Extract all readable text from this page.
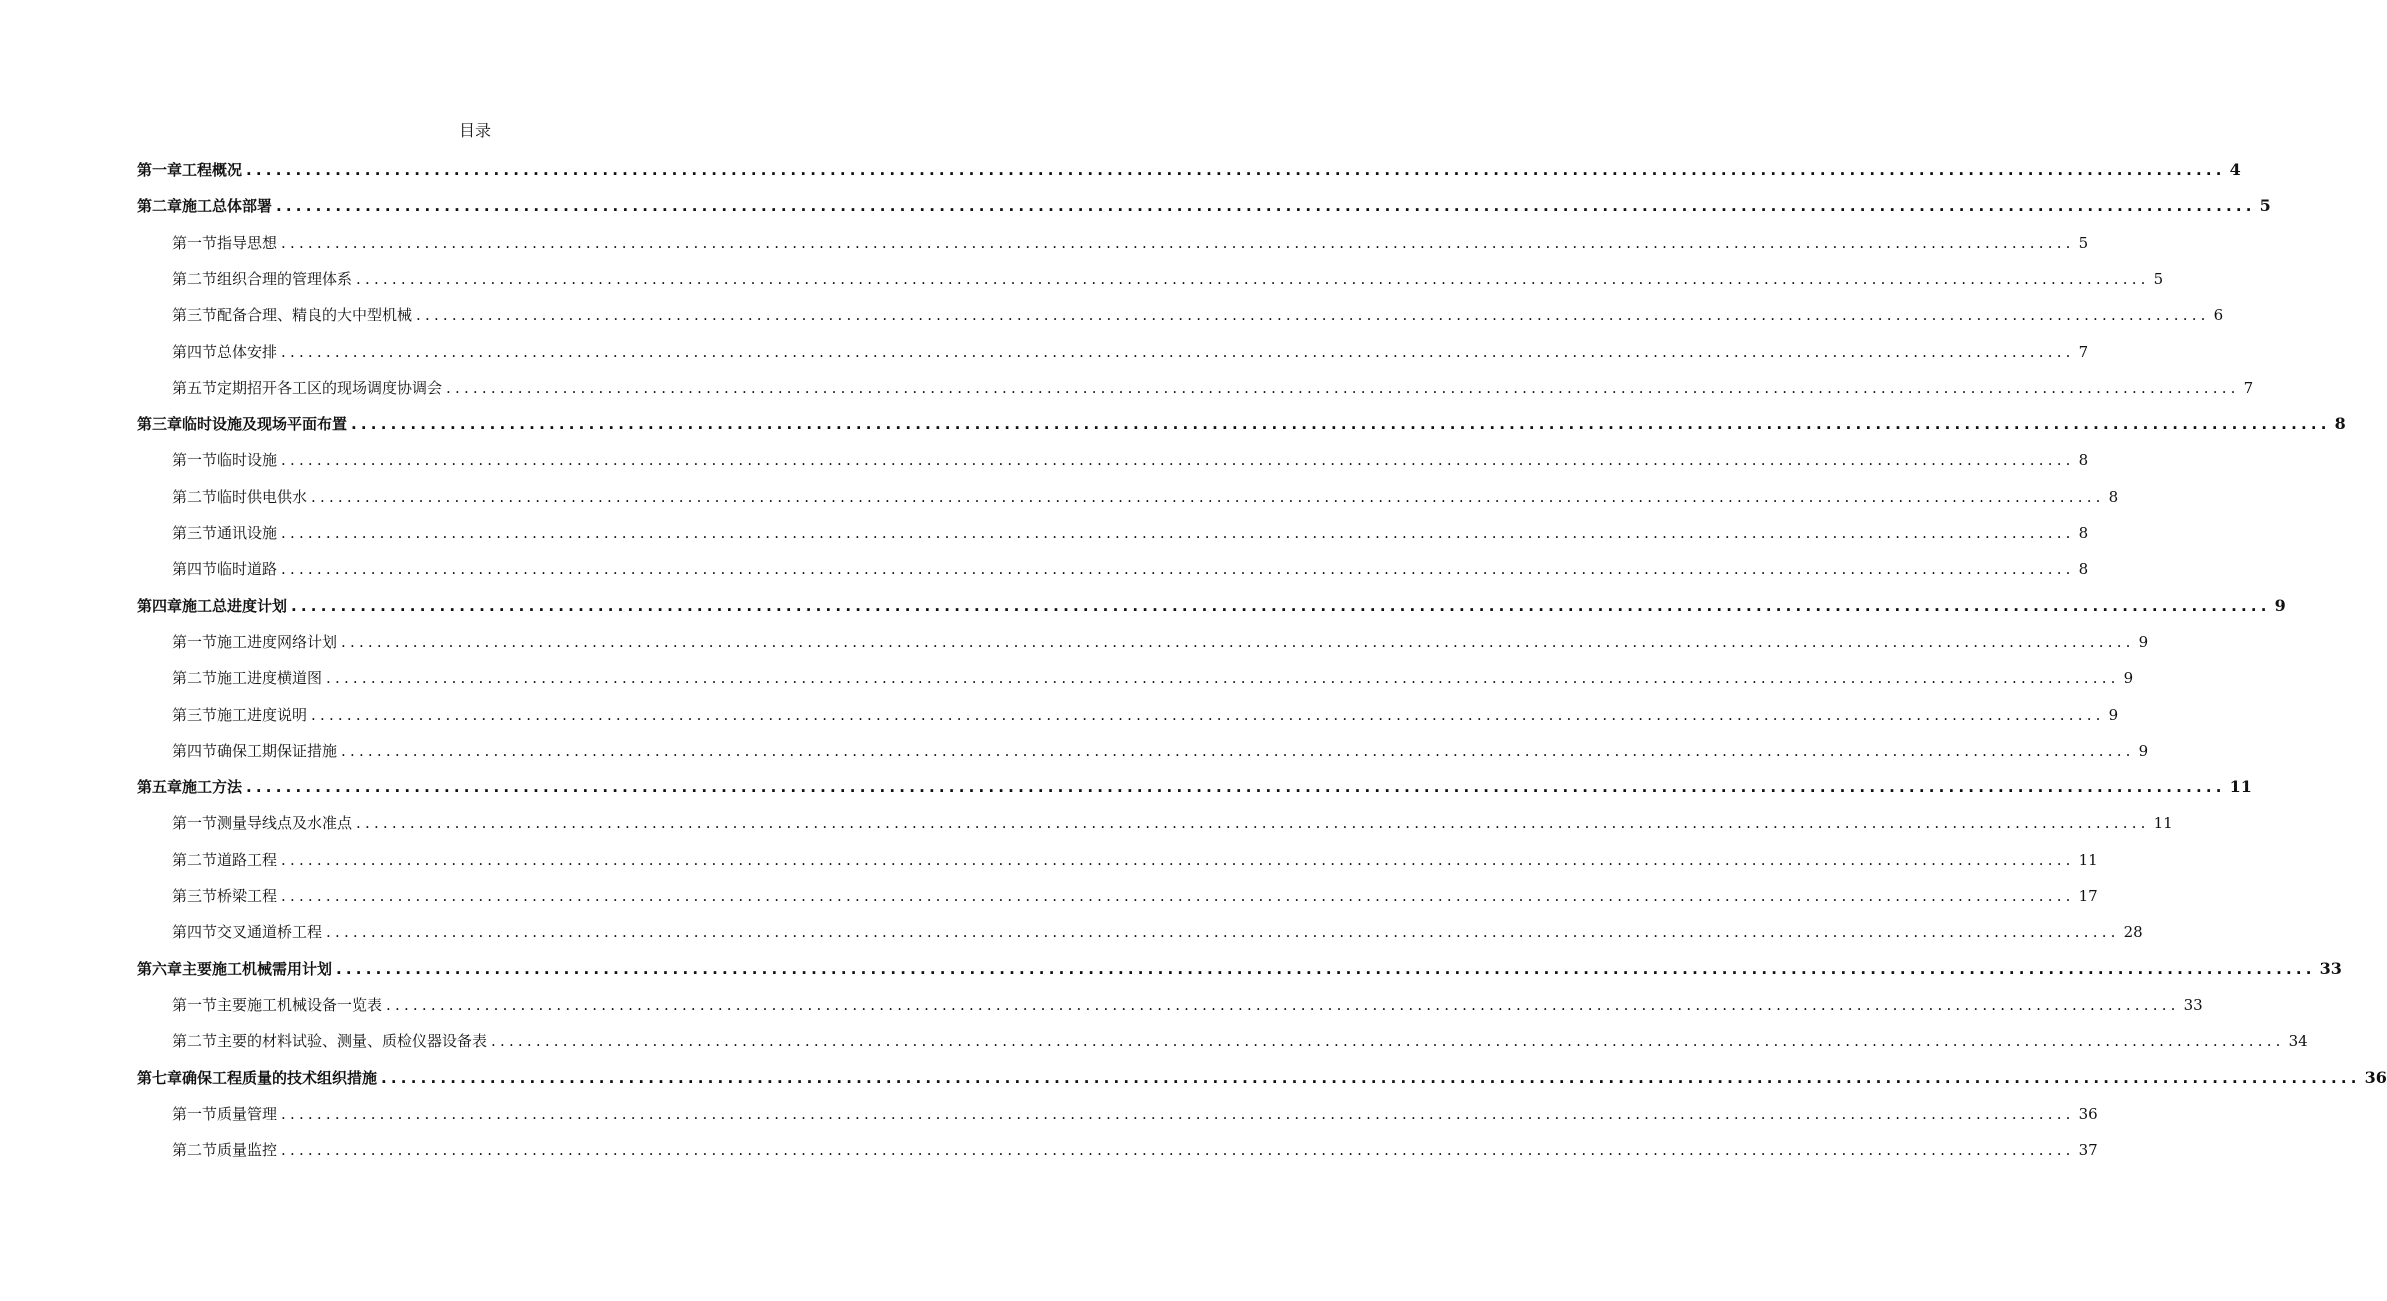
目录
第一章工程概况 ........................................................................................................................................................................................................ 4
第二章施工总体部署 ........................................................................................................................................................................................................ 5
第一节指导思想 ........................................................................................................................................................................................................ 5
第二节组织合理的管理体系 ........................................................................................................................................................................................................ 5
第三节配备合理、精良的大中型机械 ........................................................................................................................................................................................................ 6
第四节总体安排 ........................................................................................................................................................................................................ 7
第五节定期招开各工区的现场调度协调会 ........................................................................................................................................................................................................ 7
第三章临时设施及现场平面布置 ........................................................................................................................................................................................................ 8
第一节临时设施 ........................................................................................................................................................................................................ 8
第二节临时供电供水 ........................................................................................................................................................................................................ 8
第三节通讯设施 ........................................................................................................................................................................................................ 8
第四节临时道路 ........................................................................................................................................................................................................ 8
第四章施工总进度计划 ........................................................................................................................................................................................................ 9
第一节施工进度网络计划 ........................................................................................................................................................................................................ 9
第二节施工进度横道图 ........................................................................................................................................................................................................ 9
第三节施工进度说明 ........................................................................................................................................................................................................ 9
第四节确保工期保证措施 ........................................................................................................................................................................................................ 9
第五章施工方法 ........................................................................................................................................................................................................ 11
第一节测量导线点及水准点 ........................................................................................................................................................................................................ 11
第二节道路工程 ........................................................................................................................................................................................................ 11
第三节桥梁工程 ........................................................................................................................................................................................................ 17
第四节交叉通道桥工程 ........................................................................................................................................................................................................ 28
第六章主要施工机械需用计划 ........................................................................................................................................................................................................ 33
第一节主要施工机械设备一览表 ........................................................................................................................................................................................................ 33
第二节主要的材料试验、测量、质检仪器设备表 ........................................................................................................................................................................................................ 34
第七章确保工程质量的技术组织措施 ........................................................................................................................................................................................................ 36
第一节质量管理 ........................................................................................................................................................................................................ 36
第二节质量监控 ........................................................................................................................................................................................................ 37
